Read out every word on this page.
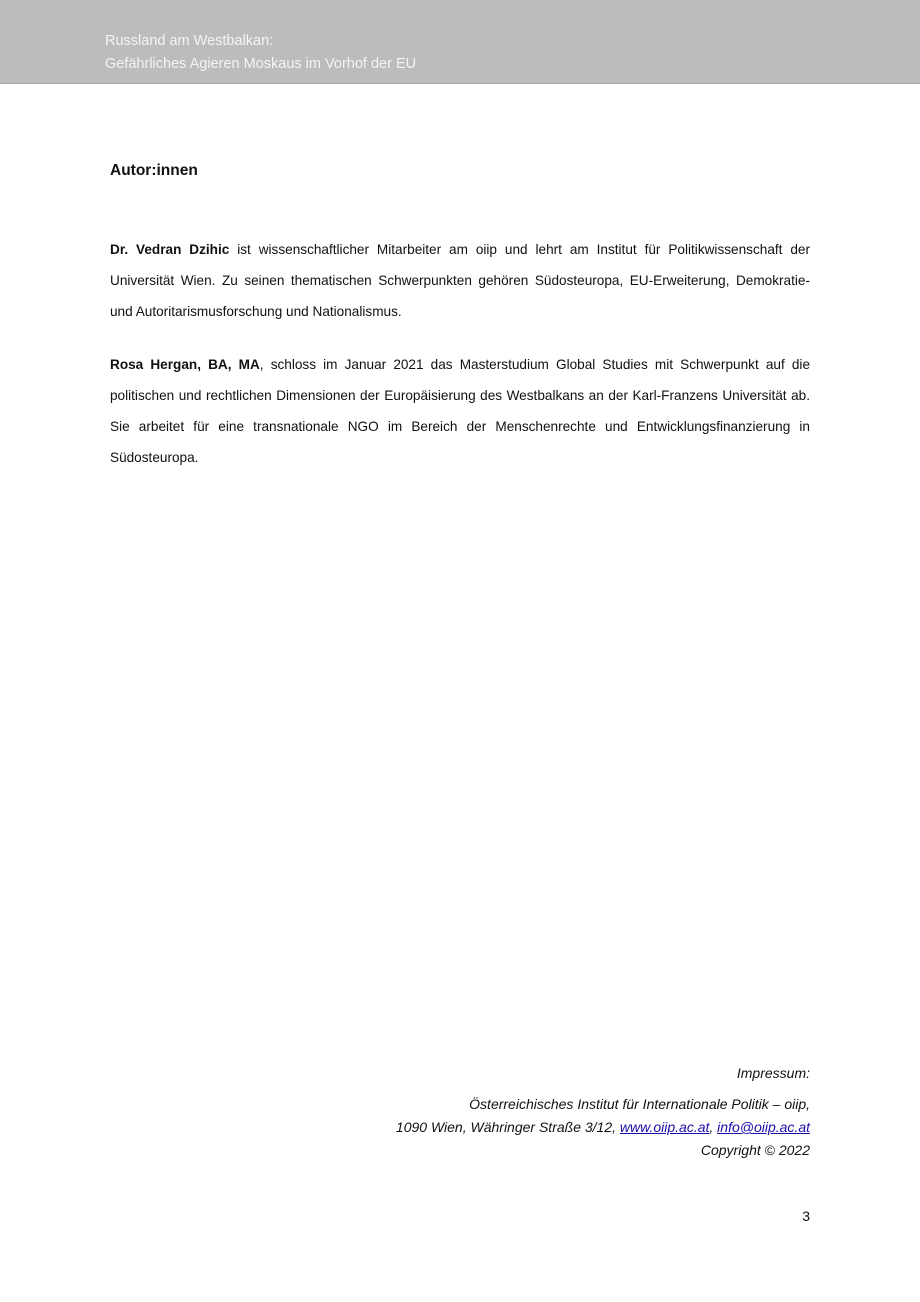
Russland am Westbalkan:
Gefährliches Agieren Moskaus im Vorhof der EU
Autor:innen

Dr. Vedran Dzihic ist wissenschaftlicher Mitarbeiter am oiip und lehrt am Institut für Politikwissenschaft der Universität Wien. Zu seinen thematischen Schwerpunkten gehören Südosteuropa, EU-Erweiterung, Demokratie- und Autoritarismusforschung und Nationalismus.

Rosa Hergan, BA, MA, schloss im Januar 2021 das Masterstudium Global Studies mit Schwerpunkt auf die politischen und rechtlichen Dimensionen der Europäisierung des Westbalkans an der Karl-Franzens Universität ab. Sie arbeitet für eine transnationale NGO im Bereich der Menschenrechte und Entwicklungsfinanzierung in Südosteuropa.

Impressum:
Österreichisches Institut für Internationale Politik – oiip,
1090 Wien, Währinger Straße 3/12, www.oiip.ac.at, info@oiip.ac.at
Copyright © 2022
3
